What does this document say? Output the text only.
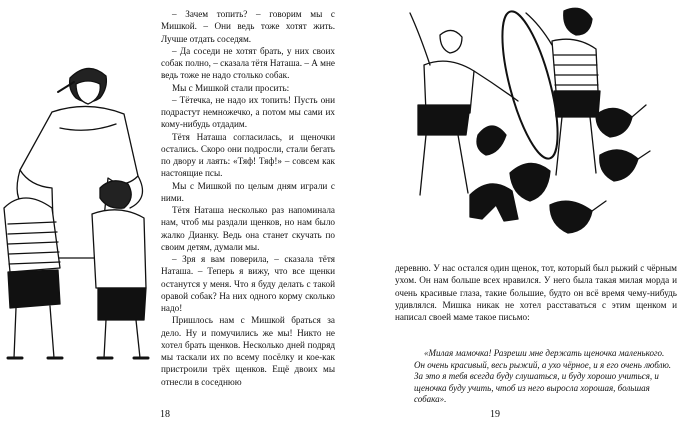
– Зачем топить? – говорим мы с Мишкой. – Они ведь тоже хотят жить. Лучше отдать соседям.

– Да соседи не хотят брать, у них своих собак полно, – сказала тётя Наташа. – А мне ведь тоже не надо столько собак.

Мы с Мишкой стали просить:

– Тётечка, не надо их топить! Пусть они подрастут немножечко, а потом мы сами их кому-нибудь отдадим.

Тётя Наташа согласилась, и щеночки остались. Скоро они подросли, стали бегать по двору и лаять: «Тяф! Тяф!» – совсем как настоящие псы.

Мы с Мишкой по целым дням играли с ними.

Тётя Наташа несколько раз напоминала нам, чтоб мы раздали щенков, но нам было жалко Дианку. Ведь она станет скучать по своим детям, думали мы.

– Зря я вам поверила, – сказала тётя Наташа. – Теперь я вижу, что все щенки останутся у меня. Что я буду делать с такой оравой собак? На них одного корму сколько надо!

Пришлось нам с Мишкой браться за дело. Ну и помучились же мы! Никто не хотел брать щенков. Несколько дней подряд мы таскали их по всему посёлку и кое-как пристроили трёх щенков. Ещё двоих мы отнесли в соседнюю

18

деревню. У нас остался один щенок, тот, который был рыжий с чёрным ухом. Он нам больше всех нравился. У него была такая милая морда и очень красивые глаза, такие большие, будто он всё время чему-нибудь удивлялся. Мишка никак не хотел расставаться с этим щенком и написал своей маме такое письмо:

«Милая мамочка! Разреши мне держать щеночка маленького. Он очень красивый, весь рыжий, а ухо чёрное, и я его очень люблю. За это я тебя всегда буду слушаться, и буду хорошо учиться, и щеночка буду учить, чтоб из него выросла хорошая, большая собака».

19
